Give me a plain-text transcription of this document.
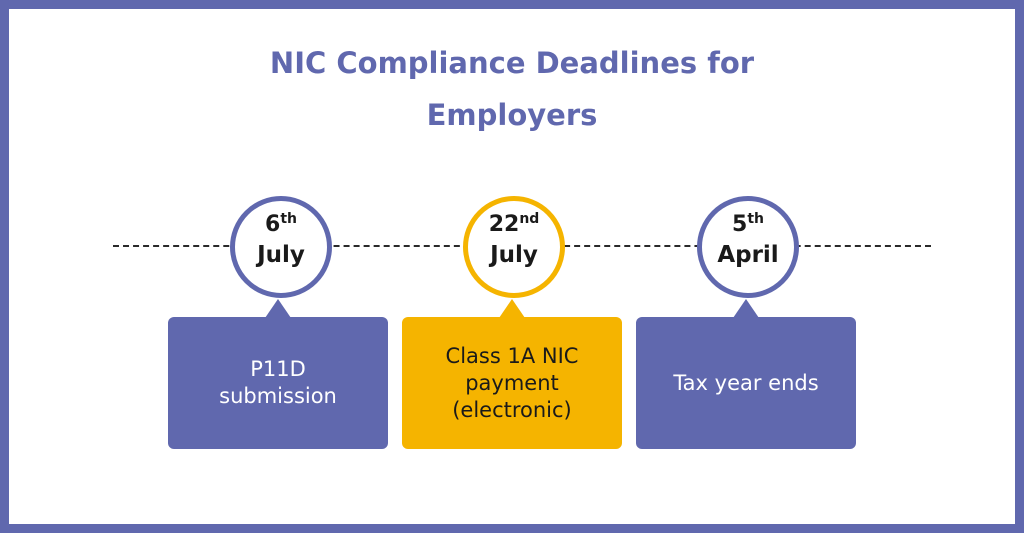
NIC Compliance Deadlines for
Employers
6th
July
P11D
submission
22nd
July
Class 1A NIC
payment
(electronic)
5th
April
Tax year ends
